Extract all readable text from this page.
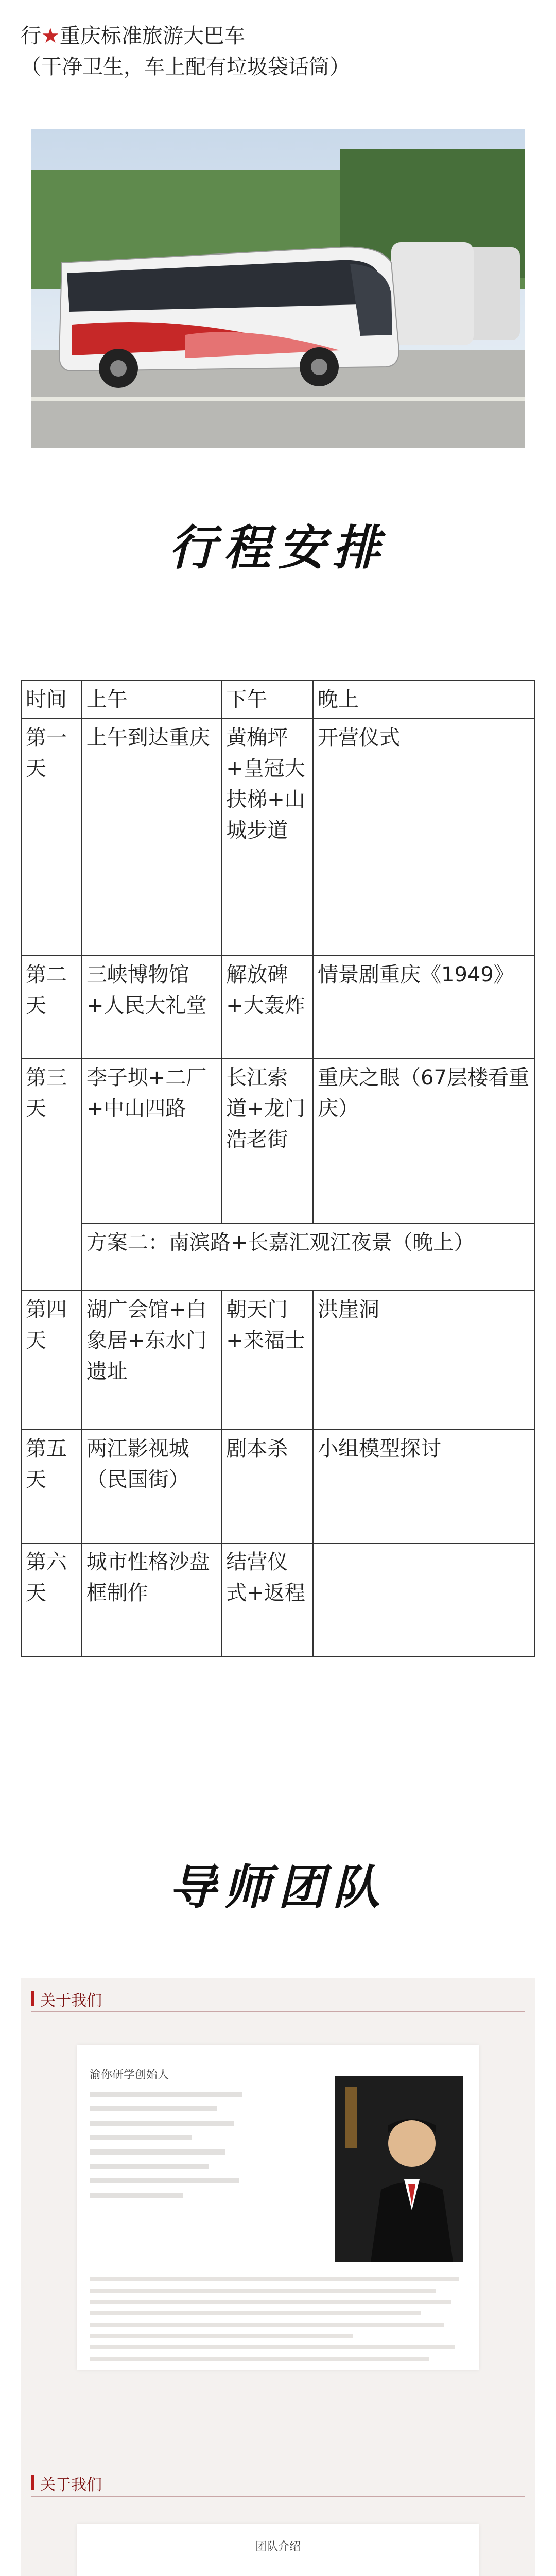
行★重庆标准旅游大巴车
（干净卫生，车上配有垃圾袋话筒）
行程安排
时间	上午	下午	晚上
第一天	上午到达重庆	黄桷坪+皇冠大扶梯+山城步道	开营仪式
第二天	三峡博物馆+人民大礼堂	解放碑+大轰炸	情景剧重庆《1949》
第三天	李子坝+二厂+中山四路	长江索道+龙门浩老街	重庆之眼（67层楼看重庆）
	方案二：南滨路+长嘉汇观江夜景（晚上）		
第四天	湖广会馆+白象居+东水门遗址	朝天门+来福士	洪崖洞
第五天	两江影视城（民国街）	剧本杀	小组模型探讨
第六天	城市性格沙盘框制作	结营仪式+返程	
导师团队
关于我们
渝你研学创始人
关于我们
团队介绍
